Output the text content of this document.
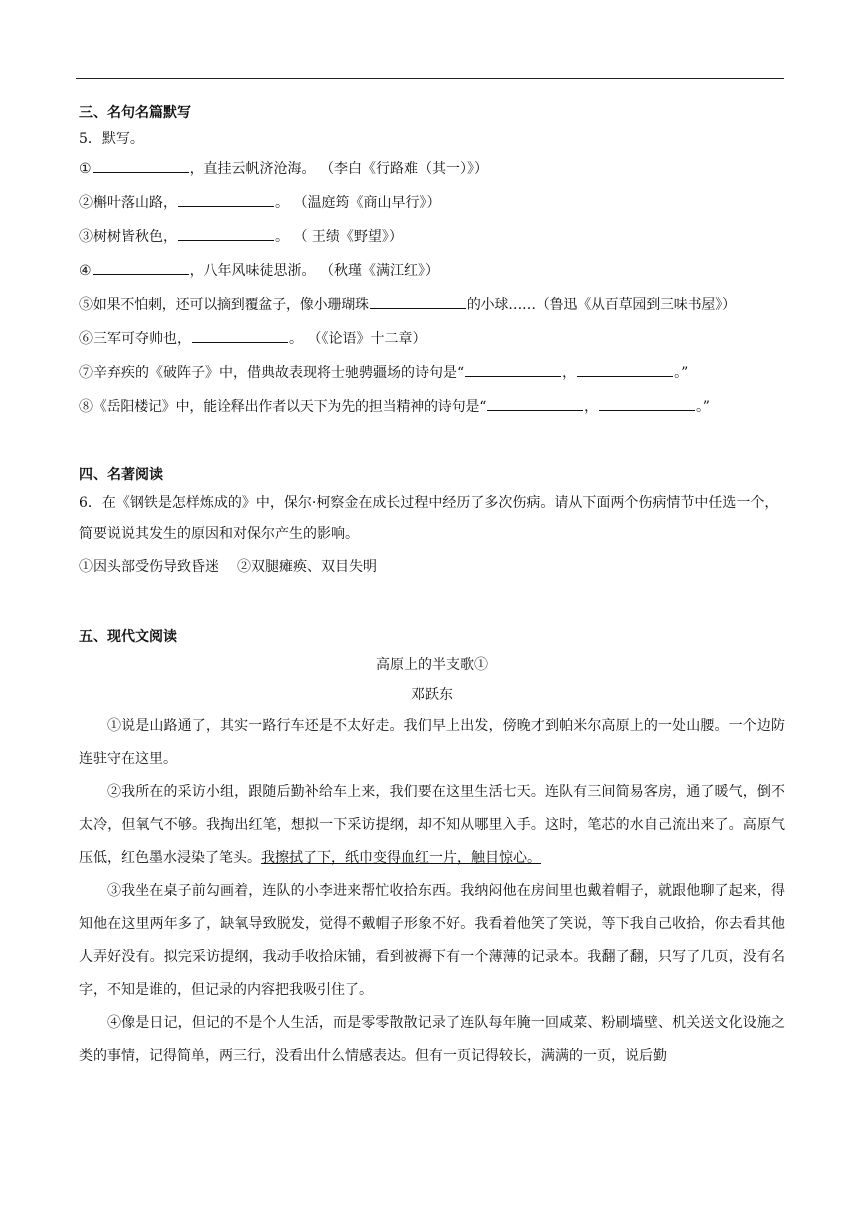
三、名句名篇默写

5．默写。
①	，直挂云帆济沧海。 （李白《行路难（其一）》）
②槲叶落山路，	。 （温庭筠《商山早行》）
③树树皆秋色，	。 （ 王绩《野望》）
④	，八年风味徒思浙。 （秋瑾《满江红》）
⑤如果不怕刺，还可以摘到覆盆子，像小珊瑚珠	的小球……（鲁迅《从百草园到三味书屋》）
⑥三军可夺帅也，	。 （《论语》十二章）
⑦辛弃疾的《破阵子》中，借典故表现将士驰骋疆场的诗句是“	，	。”
⑧《岳阳楼记》中，能诠释出作者以天下为先的担当精神的诗句是“	，	。”

四、名著阅读

6．在《钢铁是怎样炼成的》中，保尔·柯察金在成长过程中经历了多次伤病。请从下面两个伤病情节中任选一个，简要说说其发生的原因和对保尔产生的影响。
①因头部受伤导致昏迷 ②双腿瘫痪、双目失明

五、现代文阅读

高原上的半支歌①
邓跃东

①说是山路通了，其实一路行车还是不太好走。我们早上出发，傍晚才到帕米尔高原上的一处山腰。一个边防连驻守在这里。

②我所在的采访小组，跟随后勤补给车上来，我们要在这里生活七天。连队有三间简易客房，通了暖气，倒不太冷，但氧气不够。我掏出红笔，想拟一下采访提纲，却不知从哪里入手。这时，笔芯的水自己流出来了。高原气压低，红色墨水浸染了笔头。我擦拭了下，纸巾变得血红一片，触目惊心。

③我坐在桌子前勾画着，连队的小李进来帮忙收拾东西。我纳闷他在房间里也戴着帽子，就跟他聊了起来，得知他在这里两年多了，缺氧导致脱发，觉得不戴帽子形象不好。我看着他笑了笑说，等下我自己收拾，你去看其他人弄好没有。拟完采访提纲，我动手收拾床铺，看到被褥下有一个薄薄的记录本。我翻了翻，只写了几页，没有名字，不知是谁的，但记录的内容把我吸引住了。

④像是日记，但记的不是个人生活，而是零零散散记录了连队每年腌一回咸菜、粉刷墙壁、机关送文化设施之类的事情，记得简单，两三行，没看出什么情感表达。但有一页记得较长，满满的一页，说后勤
